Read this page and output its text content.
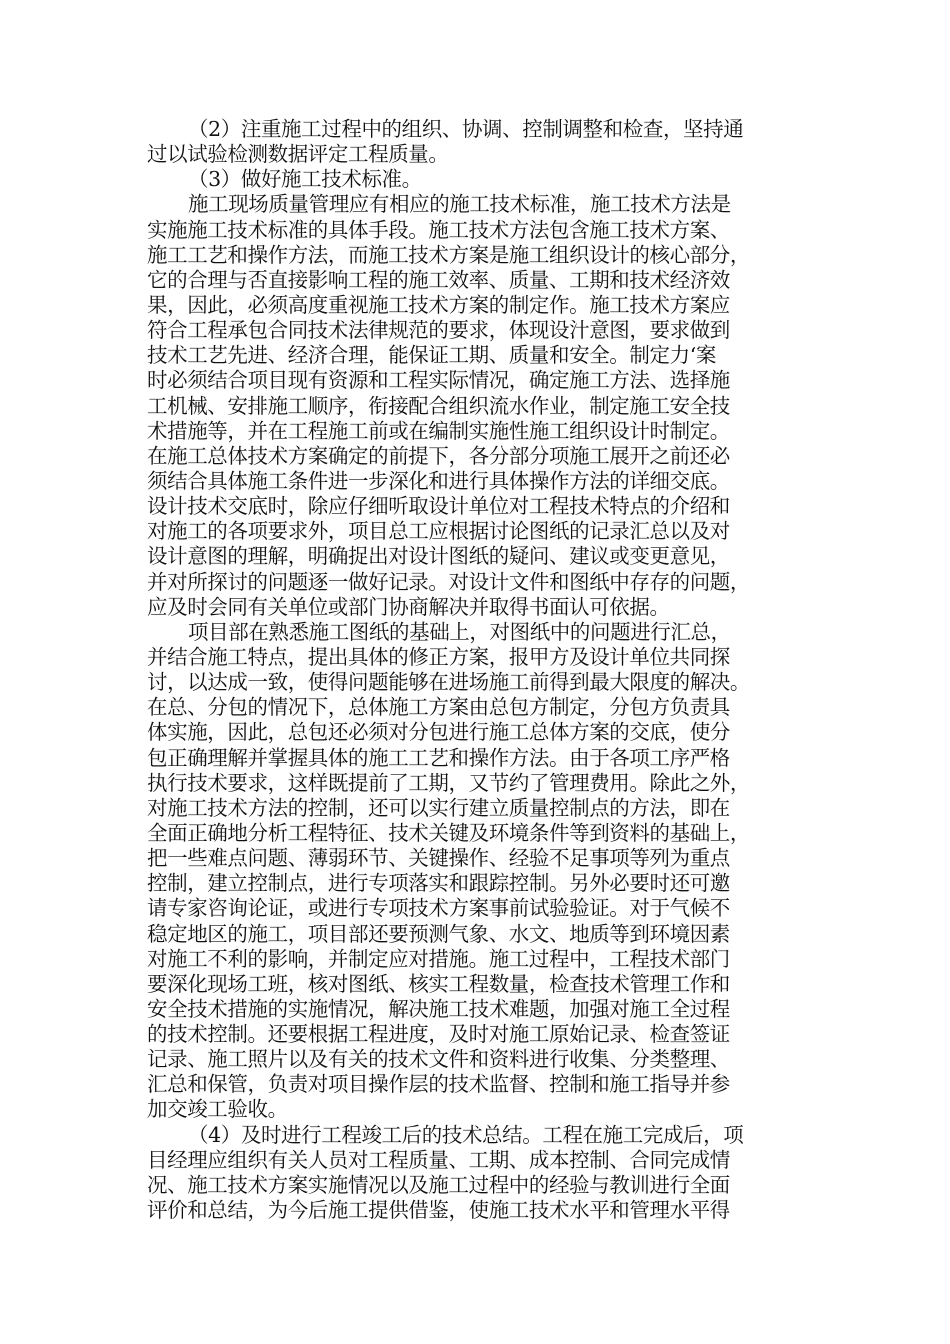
（2）注重施工过程中的组织、协调、控制调整和检查，坚持通
过以试验检测数据评定工程质量。
（3）做好施工技术标准。
施工现场质量管理应有相应的施工技术标准，施工技术方法是
实施施工技术标准的具体手段。施工技术方法包含施工技术方案、
施工工艺和操作方法，而施工技术方案是施工组织设计的核心部分，
它的合理与否直接影响工程的施工效率、质量、工期和技术经济效
果，因此，必须高度重视施工技术方案的制定作。施工技术方案应
符合工程承包合同技术法律规范的要求，体现设汁意图，要求做到
技术工艺先进、经济合理，能保证工期、质量和安全。制定力‘案
时必须结合项目现有资源和工程实际情况，确定施工方法、选择施
工机械、安排施工顺序，衔接配合组织流水作业，制定施工安全技
术措施等，并在工程施工前或在编制实施性施工组织设计时制定。
在施工总体技术方案确定的前提下，各分部分项施工展开之前还必
须结合具体施工条件进一步深化和进行具体操作方法的详细交底。
设计技术交底时，除应仔细听取设计单位对工程技术特点的介绍和
对施工的各项要求外，项目总工应根据讨论图纸的记录汇总以及对
设计意图的理解，明确捉出对设计图纸的疑问、建议或变更意见，
并对所探讨的问题逐一做好记录。对设计文件和图纸中存存的问题，
应及时会同有关单位或部门协商解决并取得书面认可依据。
项目部在熟悉施工图纸的基础上，对图纸中的问题进行汇总，
并结合施工特点，提出具体的修正方案，报甲方及设计单位共同探
讨，以达成一致，使得问题能够在进场施工前得到最大限度的解决。
在总、分包的情况下，总体施工方案由总包方制定，分包方负责具
体实施，因此，总包还必须对分包进行施工总体方案的交底，使分
包正确理解并掌握具体的施工工艺和操作方法。由于各项工序严格
执行技术要求，这样既提前了工期，又节约了管理费用。除此之外，
对施工技术方法的控制，还可以实行建立质量控制点的方法，即在
全面正确地分析工程特征、技术关键及环境条件等到资料的基础上，
把一些难点问题、薄弱环节、关键操作、经验不足事项等列为重点
控制，建立控制点，进行专项落实和跟踪控制。另外必要时还可邀
请专家咨询论证，或进行专项技术方案事前试验验证。对于气候不
稳定地区的施工，项目部还要预测气象、水文、地质等到环境因素
对施工不利的影响，并制定应对措施。施工过程中，工程技术部门
要深化现场工班，核对图纸、核实工程数量，检查技术管理工作和
安全技术措施的实施情况，解决施工技术难题，加强对施工全过程
的技术控制。还要根据工程进度，及时对施工原始记录、检查签证
记录、施工照片以及有关的技术文件和资料进行收集、分类整理、
汇总和保管，负责对项目操作层的技术监督、控制和施工指导并参
加交竣工验收。
（4）及时进行工程竣工后的技术总结。工程在施工完成后，项
目经理应组织有关人员对工程质量、工期、成本控制、合同完成情
况、施工技术方案实施情况以及施工过程中的经验与教训进行全面
评价和总结，为今后施工提供借鉴，使施工技术水平和管理水平得
